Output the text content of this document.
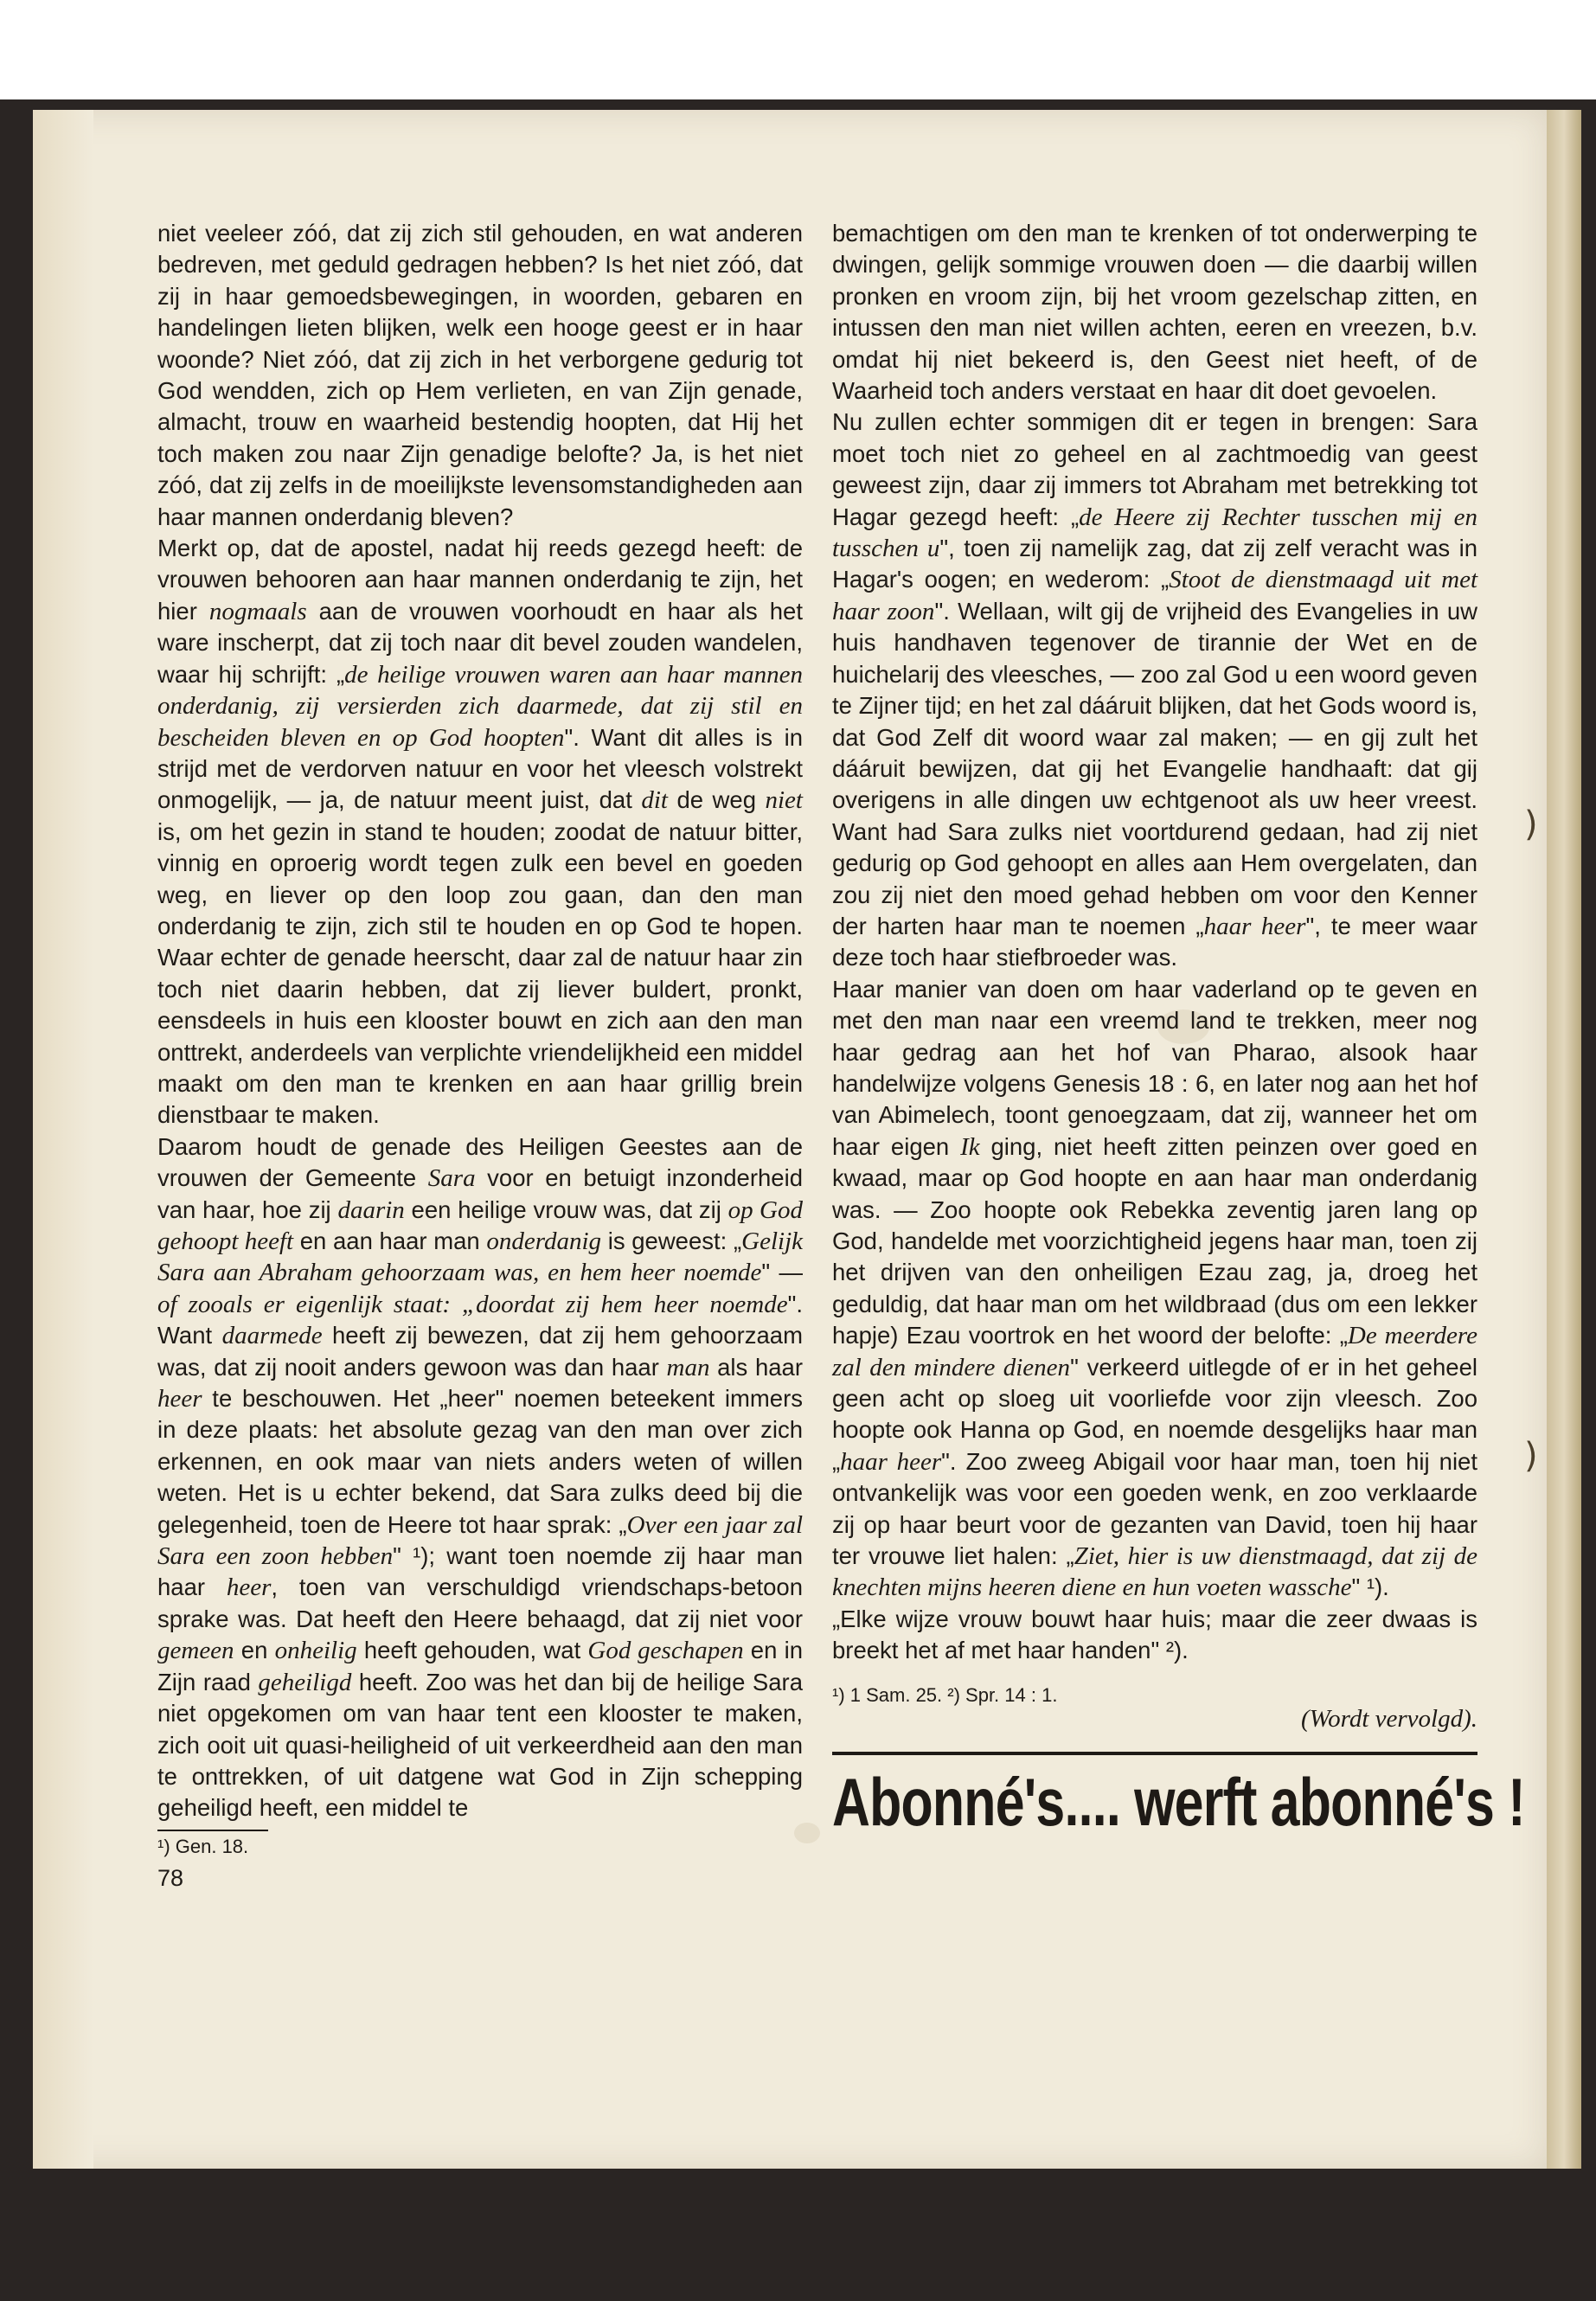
)
)

niet veeleer zóó, dat zij zich stil gehouden, en wat anderen bedreven, met geduld gedragen hebben? Is het niet zóó, dat zij in haar gemoedsbewegingen, in woorden, gebaren en handelingen lieten blijken, welk een hooge geest er in haar woonde? Niet zóó, dat zij zich in het verborgene gedurig tot God wendden, zich op Hem verlieten, en van Zijn genade, almacht, trouw en waarheid bestendig hoopten, dat Hij het toch maken zou naar Zijn genadige belofte? Ja, is het niet zóó, dat zij zelfs in de moeilijkste levensomstandigheden aan haar mannen onderdanig bleven?

Merkt op, dat de apostel, nadat hij reeds gezegd heeft: de vrouwen behooren aan haar mannen onderdanig te zijn, het hier nogmaals aan de vrouwen voorhoudt en haar als het ware inscherpt, dat zij toch naar dit bevel zouden wandelen, waar hij schrijft: „de heilige vrouwen waren aan haar mannen onderdanig, zij versierden zich daarmede, dat zij stil en bescheiden bleven en op God hoopten". Want dit alles is in strijd met de verdorven natuur en voor het vleesch volstrekt onmogelijk, — ja, de natuur meent juist, dat dit de weg niet is, om het gezin in stand te houden; zoodat de natuur bitter, vinnig en oproerig wordt tegen zulk een bevel en goeden weg, en liever op den loop zou gaan, dan den man onderdanig te zijn, zich stil te houden en op God te hopen. Waar echter de genade heerscht, daar zal de natuur haar zin toch niet daarin hebben, dat zij liever buldert, pronkt, eensdeels in huis een klooster bouwt en zich aan den man onttrekt, anderdeels van verplichte vriendelijkheid een middel maakt om den man te krenken en aan haar grillig brein dienstbaar te maken.

Daarom houdt de genade des Heiligen Geestes aan de vrouwen der Gemeente Sara voor en betuigt inzonderheid van haar, hoe zij daarin een heilige vrouw was, dat zij op God gehoopt heeft en aan haar man onderdanig is geweest: „Gelijk Sara aan Abraham gehoorzaam was, en hem heer noemde" — of zooals er eigenlijk staat: „doordat zij hem heer noemde". Want daarmede heeft zij bewezen, dat zij hem gehoorzaam was, dat zij nooit anders gewoon was dan haar man als haar heer te beschouwen. Het „heer" noemen beteekent immers in deze plaats: het absolute gezag van den man over zich erkennen, en ook maar van niets anders weten of willen weten. Het is u echter bekend, dat Sara zulks deed bij die gelegenheid, toen de Heere tot haar sprak: „Over een jaar zal Sara een zoon hebben" ¹); want toen noemde zij haar man haar heer, toen van verschuldigd vriendschaps-betoon sprake was. Dat heeft den Heere behaagd, dat zij niet voor gemeen en onheilig heeft gehouden, wat God geschapen en in Zijn raad geheiligd heeft. Zoo was het dan bij de heilige Sara niet opgekomen om van haar tent een klooster te maken, zich ooit uit quasi-heiligheid of uit verkeerdheid aan den man te onttrekken, of uit datgene wat God in Zijn schepping geheiligd heeft, een middel te

¹) Gen. 18.

78

bemachtigen om den man te krenken of tot onderwerping te dwingen, gelijk sommige vrouwen doen — die daarbij willen pronken en vroom zijn, bij het vroom gezelschap zitten, en intussen den man niet willen achten, eeren en vreezen, b.v. omdat hij niet bekeerd is, den Geest niet heeft, of de Waarheid toch anders verstaat en haar dit doet gevoelen.

Nu zullen echter sommigen dit er tegen in brengen: Sara moet toch niet zo geheel en al zachtmoedig van geest geweest zijn, daar zij immers tot Abraham met betrekking tot Hagar gezegd heeft: „de Heere zij Rechter tusschen mij en tusschen u", toen zij namelijk zag, dat zij zelf veracht was in Hagar's oogen; en wederom: „Stoot de dienstmaagd uit met haar zoon". Wellaan, wilt gij de vrijheid des Evangelies in uw huis handhaven tegenover de tirannie der Wet en de huichelarij des vleesches, — zoo zal God u een woord geven te Zijner tijd; en het zal dááruit blijken, dat het Gods woord is, dat God Zelf dit woord waar zal maken; — en gij zult het dááruit bewijzen, dat gij het Evangelie handhaaft: dat gij overigens in alle dingen uw echtgenoot als uw heer vreest. Want had Sara zulks niet voortdurend gedaan, had zij niet gedurig op God gehoopt en alles aan Hem overgelaten, dan zou zij niet den moed gehad hebben om voor den Kenner der harten haar man te noemen „haar heer", te meer waar deze toch haar stiefbroeder was.

Haar manier van doen om haar vaderland op te geven en met den man naar een vreemd land te trekken, meer nog haar gedrag aan het hof van Pharao, alsook haar handelwijze volgens Genesis 18 : 6, en later nog aan het hof van Abimelech, toont genoegzaam, dat zij, wanneer het om haar eigen Ik ging, niet heeft zitten peinzen over goed en kwaad, maar op God hoopte en aan haar man onderdanig was. — Zoo hoopte ook Rebekka zeventig jaren lang op God, handelde met voorzichtigheid jegens haar man, toen zij het drijven van den onheiligen Ezau zag, ja, droeg het geduldig, dat haar man om het wildbraad (dus om een lekker hapje) Ezau voortrok en het woord der belofte: „De meerdere zal den mindere dienen" verkeerd uitlegde of er in het geheel geen acht op sloeg uit voorliefde voor zijn vleesch. Zoo hoopte ook Hanna op God, en noemde desgelijks haar man „haar heer". Zoo zweeg Abigail voor haar man, toen hij niet ontvankelijk was voor een goeden wenk, en zoo verklaarde zij op haar beurt voor de gezanten van David, toen hij haar ter vrouwe liet halen: „Ziet, hier is uw dienstmaagd, dat zij de knechten mijns heeren diene en hun voeten wassche" ¹).

„Elke wijze vrouw bouwt haar huis; maar die zeer dwaas is breekt het af met haar handen" ²).

¹) 1 Sam. 25. ²) Spr. 14 : 1.
(Wordt vervolgd).
Abonné's.... werft abonné's !
